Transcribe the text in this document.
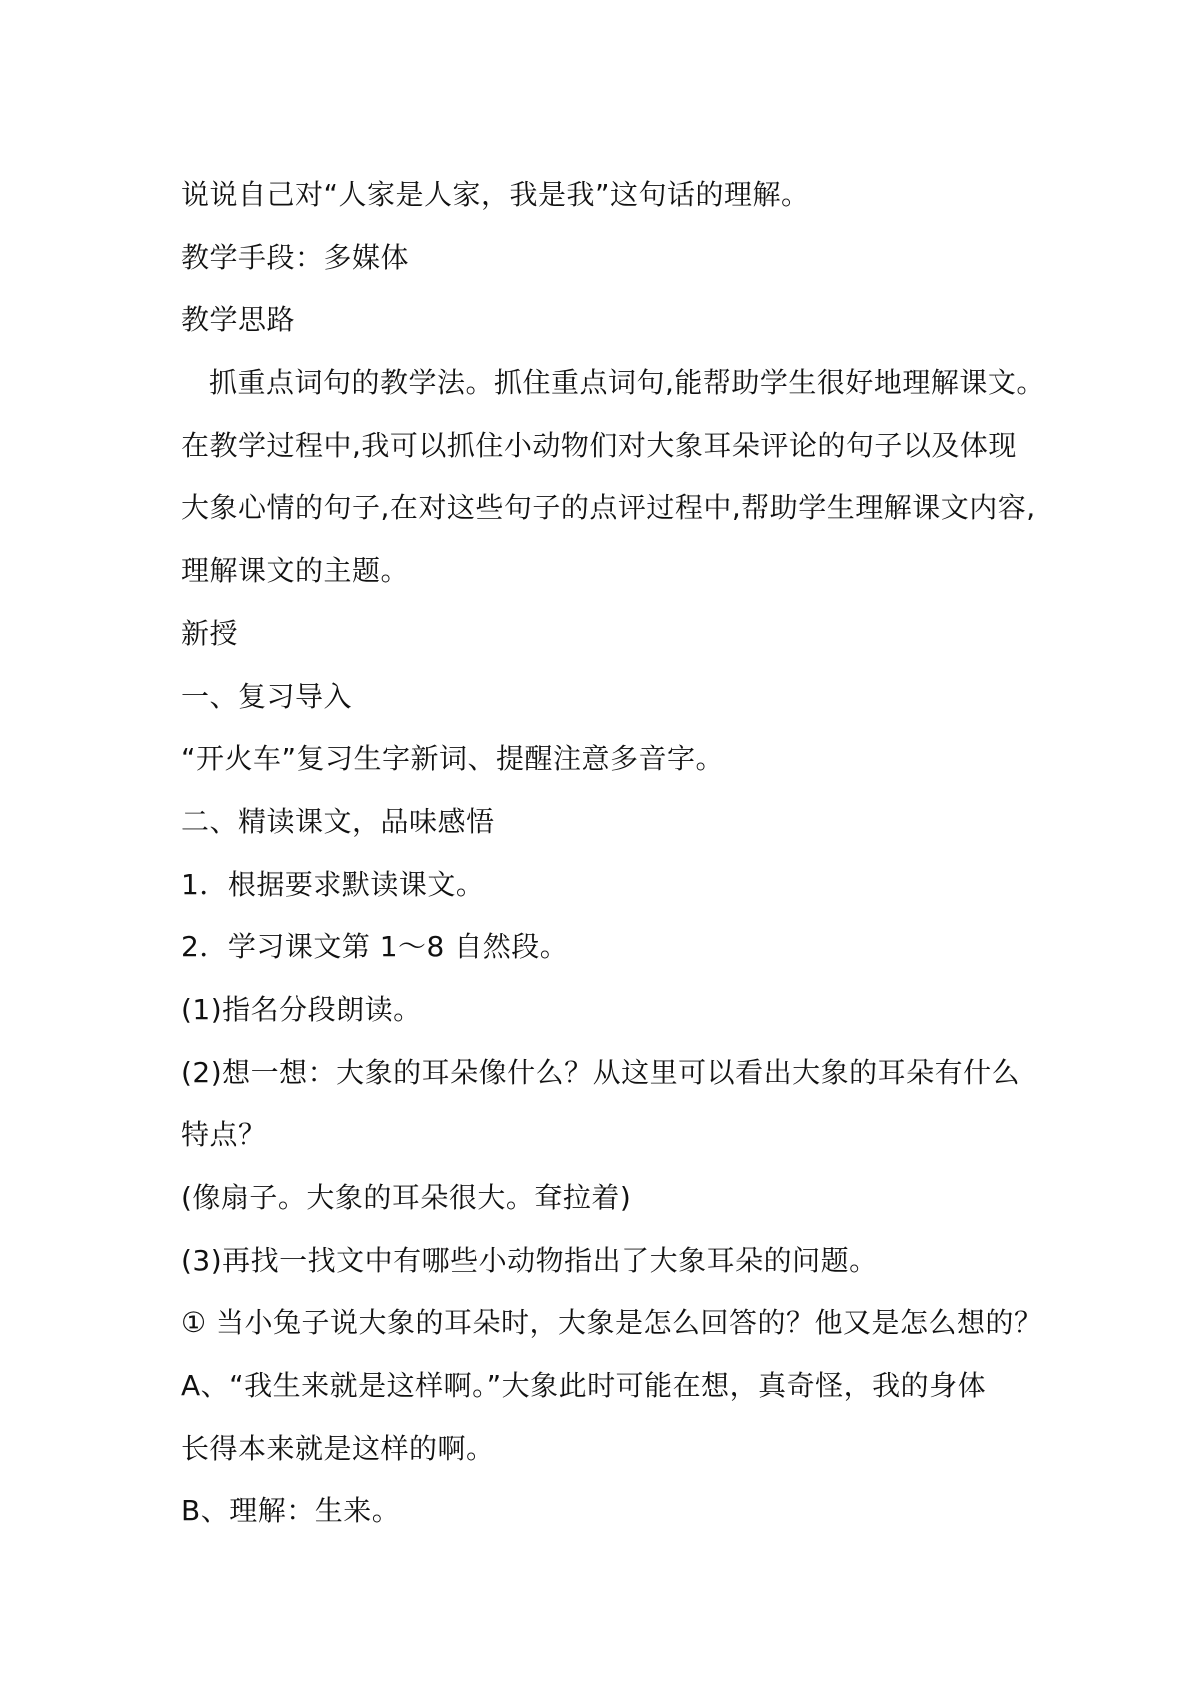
说说自己对“人家是人家，我是我”这句话的理解。
教学手段：多媒体
教学思路
抓重点词句的教学法。抓住重点词句,能帮助学生很好地理解课文。
在教学过程中,我可以抓住小动物们对大象耳朵评论的句子以及体现
大象心情的句子,在对这些句子的点评过程中,帮助学生理解课文内容,
理解课文的主题。
新授
一、复习导入
“开火车”复习生字新词、提醒注意多音字。
二、精读课文，品味感悟
1．根据要求默读课文。
2．学习课文第 1～8 自然段。
(1)指名分段朗读。
(2)想一想：大象的耳朵像什么？从这里可以看出大象的耳朵有什么
特点？
(像扇子。大象的耳朵很大。耷拉着)
(3)再找一找文中有哪些小动物指出了大象耳朵的问题。
① 当小兔子说大象的耳朵时，大象是怎么回答的？他又是怎么想的？
A、“我生来就是这样啊。”大象此时可能在想，真奇怪，我的身体
长得本来就是这样的啊。
B、理解：生来。
